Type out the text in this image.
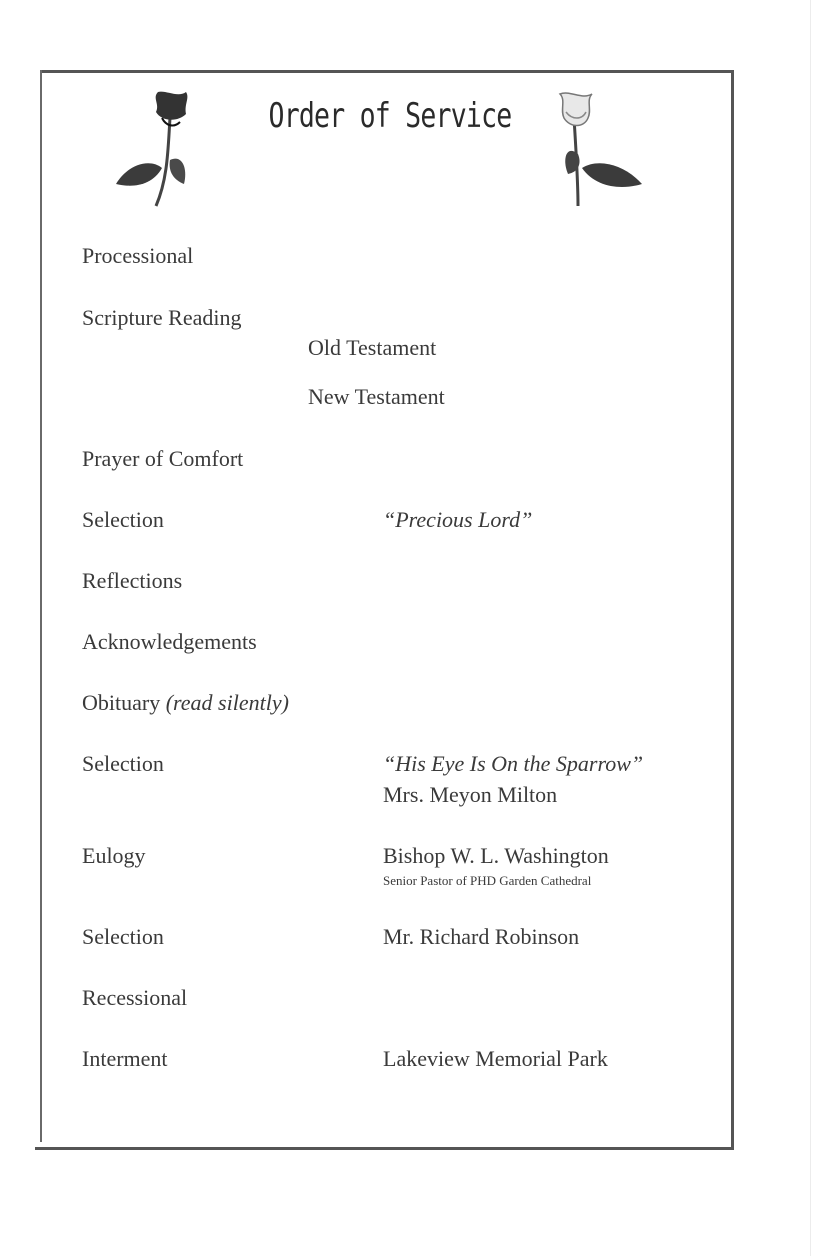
Order of Service
Processional
Scripture Reading
Old Testament
New Testament
Prayer of Comfort
Selection	“Precious Lord”
Reflections
Acknowledgements
Obituary (read silently)
Selection	“His Eye Is On the Sparrow”
Mrs. Meyon Milton
Eulogy	Bishop W. L. Washington
Senior Pastor of PHD Garden Cathedral
Selection	Mr. Richard Robinson
Recessional
Interment	Lakeview Memorial Park
